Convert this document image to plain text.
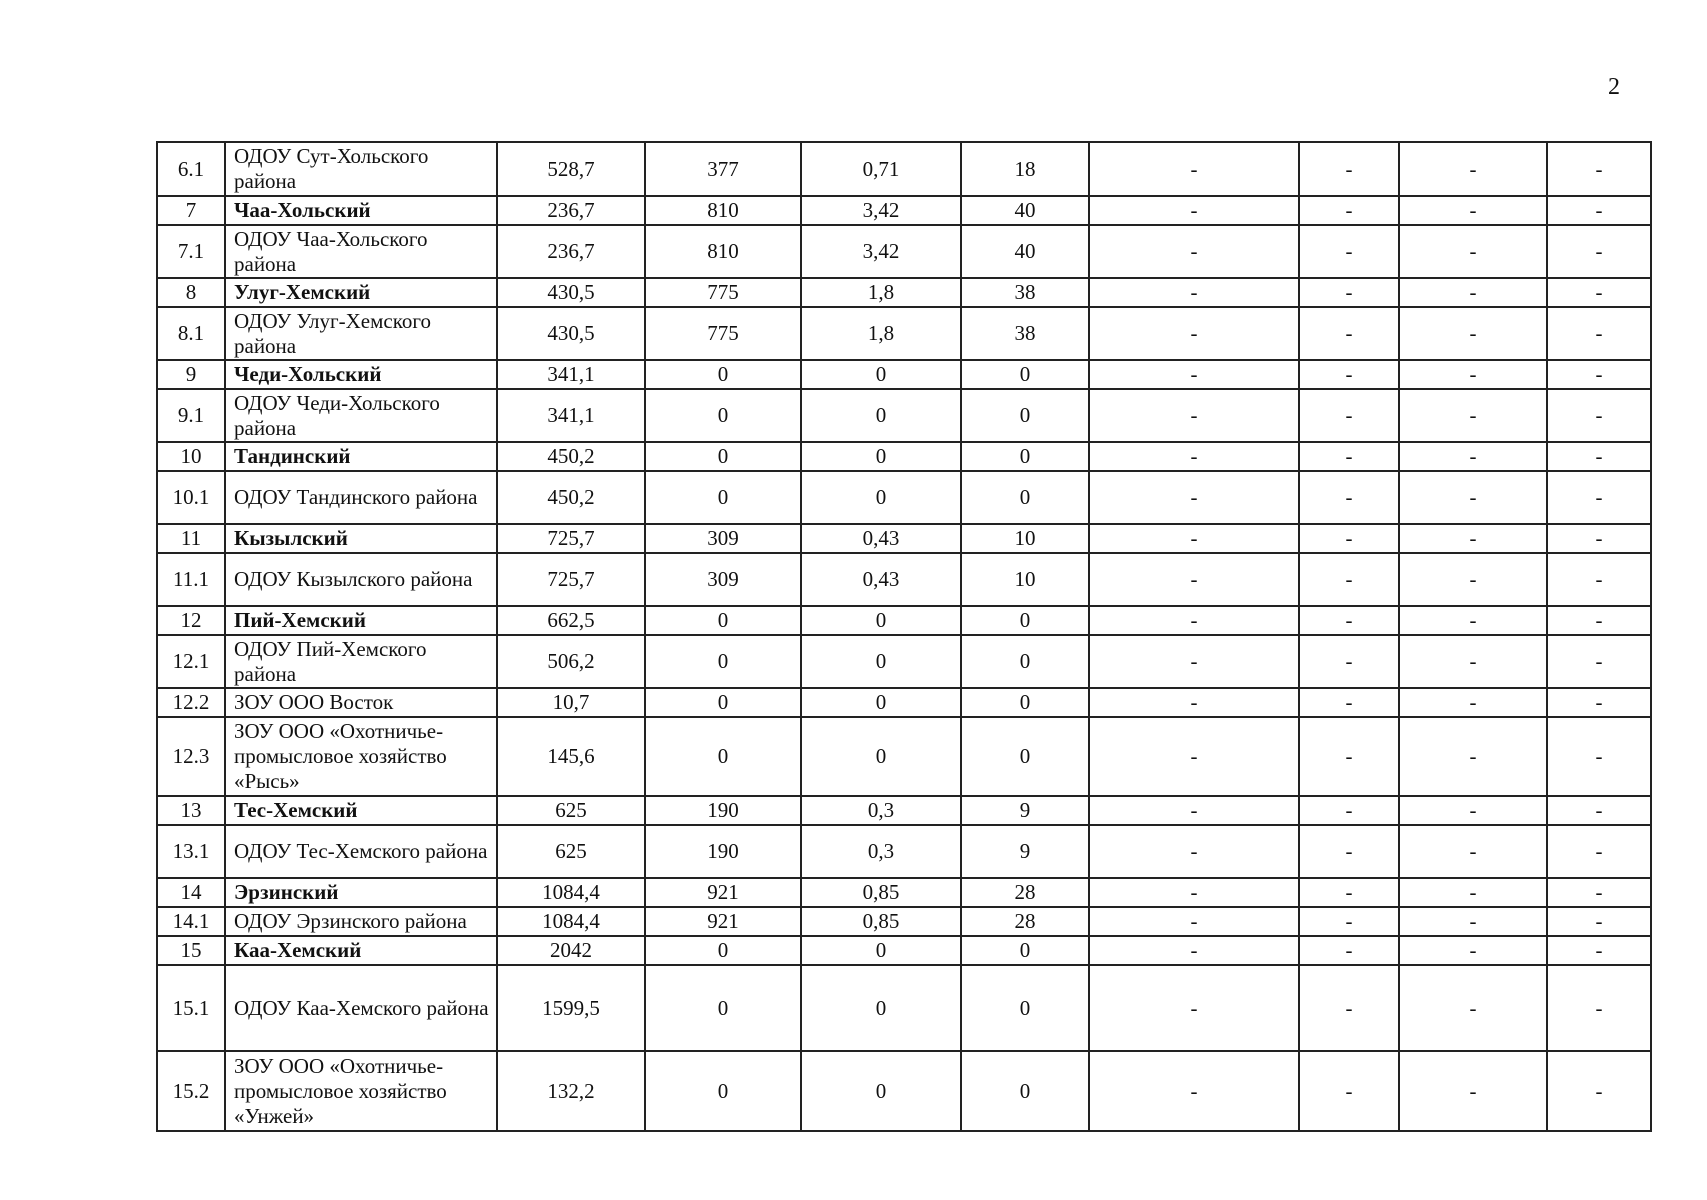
2
6.1	ОДОУ Сут-Хольского района	528,7	377	0,71	18	-	-	-	-
7	Чаа-Хольский	236,7	810	3,42	40	-	-	-	-
7.1	ОДОУ Чаа-Хольского района	236,7	810	3,42	40	-	-	-	-
8	Улуг-Хемский	430,5	775	1,8	38	-	-	-	-
8.1	ОДОУ Улуг-Хемского района	430,5	775	1,8	38	-	-	-	-
9	Чеди-Хольский	341,1	0	0	0	-	-	-	-
9.1	ОДОУ Чеди-Хольского района	341,1	0	0	0	-	-	-	-
10	Тандинский	450,2	0	0	0	-	-	-	-
10.1	ОДОУ Тандинского района	450,2	0	0	0	-	-	-	-
11	Кызылский	725,7	309	0,43	10	-	-	-	-
11.1	ОДОУ Кызылского района	725,7	309	0,43	10	-	-	-	-
12	Пий-Хемский	662,5	0	0	0	-	-	-	-
12.1	ОДОУ Пий-Хемского района	506,2	0	0	0	-	-	-	-
12.2	ЗОУ ООО Восток	10,7	0	0	0	-	-	-	-
12.3	ЗОУ ООО «Охотничье-промысловое хозяйство «Рысь»	145,6	0	0	0	-	-	-	-
13	Тес-Хемский	625	190	0,3	9	-	-	-	-
13.1	ОДОУ Тес-Хемского района	625	190	0,3	9	-	-	-	-
14	Эрзинский	1084,4	921	0,85	28	-	-	-	-
14.1	ОДОУ Эрзинского района	1084,4	921	0,85	28	-	-	-	-
15	Каа-Хемский	2042	0	0	0	-	-	-	-
15.1	ОДОУ Каа-Хемского района	1599,5	0	0	0	-	-	-	-
15.2	ЗОУ ООО «Охотничье-промысловое хозяйство «Унжей»	132,2	0	0	0	-	-	-	-
